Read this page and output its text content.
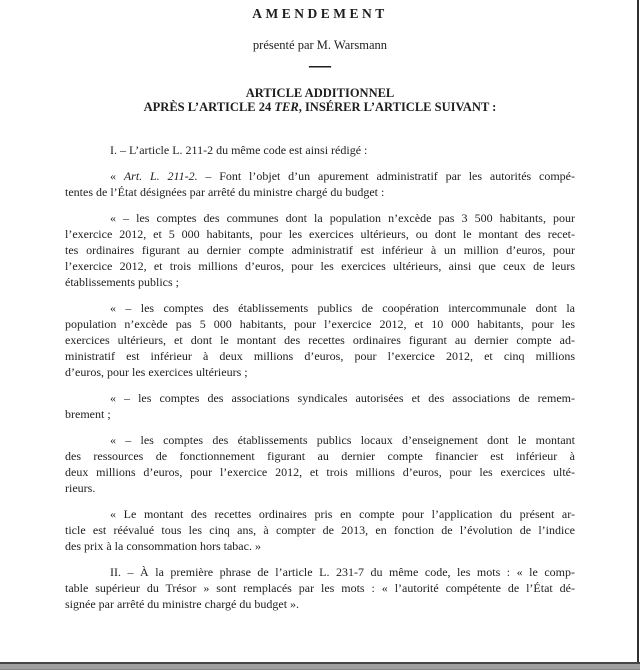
AMENDEMENT
présenté par M. Warsmann
—
ARTICLE ADDITIONNEL
APRÈS L’ARTICLE 24 TER, INSÉRER L’ARTICLE SUIVANT :
I. – L’article L. 211-2 du même code est ainsi rédigé :
« Art. L. 211-2. – Font l’objet d’un apurement administratif par les autorités compé-
tentes de l’État désignées par arrêté du ministre chargé du budget :
« – les comptes des communes dont la population n’excède pas 3 500 habitants, pour
l’exercice 2012, et 5 000 habitants, pour les exercices ultérieurs, ou dont le montant des recet-
tes ordinaires figurant au dernier compte administratif est inférieur à un million d’euros, pour
l’exercice 2012, et trois millions d’euros, pour les exercices ultérieurs, ainsi que ceux de leurs
établissements publics ;
« – les comptes des établissements publics de coopération intercommunale dont la
population n’excède pas 5 000 habitants, pour l’exercice 2012, et 10 000 habitants, pour les
exercices ultérieurs, et dont le montant des recettes ordinaires figurant au dernier compte ad-
ministratif est inférieur à deux millions d’euros, pour l’exercice 2012, et cinq millions
d’euros, pour les exercices ultérieurs ;
« – les comptes des associations syndicales autorisées et des associations de remem-
brement ;
« – les comptes des établissements publics locaux d’enseignement dont le montant
des ressources de fonctionnement figurant au dernier compte financier est inférieur à
deux millions d’euros, pour l’exercice 2012, et trois millions d’euros, pour les exercices ulté-
rieurs.
« Le montant des recettes ordinaires pris en compte pour l’application du présent ar-
ticle est réévalué tous les cinq ans, à compter de 2013, en fonction de l’évolution de l’indice
des prix à la consommation hors tabac. »
II. – À la première phrase de l’article L. 231-7 du même code, les mots : « le comp-
table supérieur du Trésor » sont remplacés par les mots : « l’autorité compétente de l’État dé-
signée par arrêté du ministre chargé du budget ».
